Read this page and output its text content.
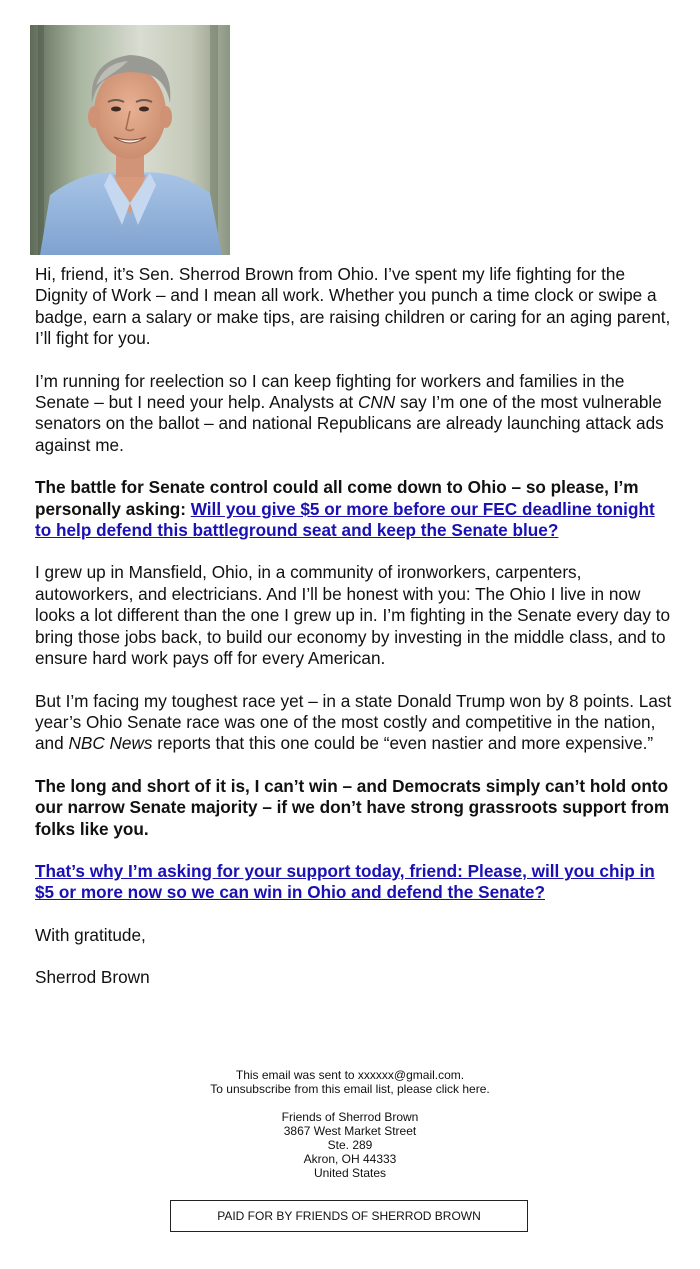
Hi, friend, it’s Sen. Sherrod Brown from Ohio. I’ve spent my life fighting for the Dignity of Work – and I mean all work. Whether you punch a time clock or swipe a badge, earn a salary or make tips, are raising children or caring for an aging parent, I’ll fight for you.

I’m running for reelection so I can keep fighting for workers and families in the Senate – but I need your help. Analysts at CNN say I’m one of the most vulnerable senators on the ballot – and national Republicans are already launching attack ads against me.

The battle for Senate control could all come down to Ohio – so please, I’m personally asking: Will you give $5 or more before our FEC deadline tonight to help defend this battleground seat and keep the Senate blue?

I grew up in Mansfield, Ohio, in a community of ironworkers, carpenters, autoworkers, and electricians. And I’ll be honest with you: The Ohio I live in now looks a lot different than the one I grew up in. I’m fighting in the Senate every day to bring those jobs back, to build our economy by investing in the middle class, and to ensure hard work pays off for every American.

But I’m facing my toughest race yet – in a state Donald Trump won by 8 points. Last year’s Ohio Senate race was one of the most costly and competitive in the nation, and NBC News reports that this one could be “even nastier and more expensive.”

The long and short of it is, I can’t win – and Democrats simply can’t hold onto our narrow Senate majority – if we don’t have strong grassroots support from folks like you.

That’s why I’m asking for your support today, friend: Please, will you chip in $5 or more now so we can win in Ohio and defend the Senate?

With gratitude,

Sherrod Brown

This email was sent to xxxxxx@gmail.com.
To unsubscribe from this email list, please click here.
Friends of Sherrod Brown
3867 West Market Street
Ste. 289
Akron, OH 44333
United States
PAID FOR BY FRIENDS OF SHERROD BROWN
